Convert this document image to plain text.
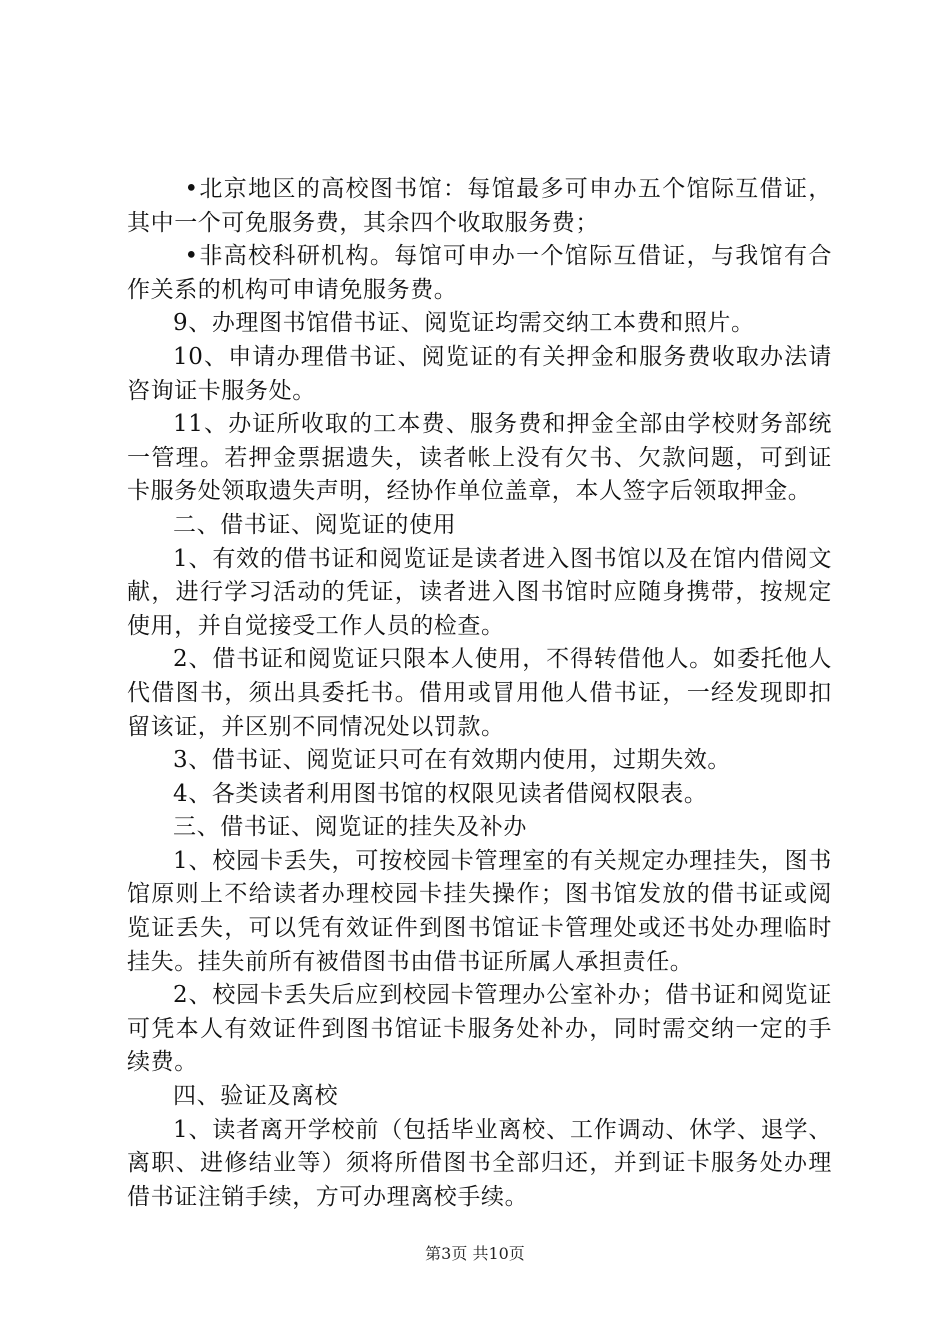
•北京地区的高校图书馆：每馆最多可申办五个馆际互借证，其中一个可免服务费，其余四个收取服务费；

•非高校科研机构。每馆可申办一个馆际互借证，与我馆有合作关系的机构可申请免服务费。

9、办理图书馆借书证、阅览证均需交纳工本费和照片。

10、申请办理借书证、阅览证的有关押金和服务费收取办法请咨询证卡服务处。

11、办证所收取的工本费、服务费和押金全部由学校财务部统一管理。若押金票据遗失，读者帐上没有欠书、欠款问题，可到证卡服务处领取遗失声明，经协作单位盖章，本人签字后领取押金。

二、借书证、阅览证的使用

1、有效的借书证和阅览证是读者进入图书馆以及在馆内借阅文献，进行学习活动的凭证，读者进入图书馆时应随身携带，按规定使用，并自觉接受工作人员的检查。

2、借书证和阅览证只限本人使用，不得转借他人。如委托他人代借图书，须出具委托书。借用或冒用他人借书证，一经发现即扣留该证，并区别不同情况处以罚款。

3、借书证、阅览证只可在有效期内使用，过期失效。

4、各类读者利用图书馆的权限见读者借阅权限表。

三、借书证、阅览证的挂失及补办

1、校园卡丢失，可按校园卡管理室的有关规定办理挂失，图书馆原则上不给读者办理校园卡挂失操作；图书馆发放的借书证或阅览证丢失，可以凭有效证件到图书馆证卡管理处或还书处办理临时挂失。挂失前所有被借图书由借书证所属人承担责任。

2、校园卡丢失后应到校园卡管理办公室补办；借书证和阅览证可凭本人有效证件到图书馆证卡服务处补办，同时需交纳一定的手续费。

四、验证及离校

1、读者离开学校前（包括毕业离校、工作调动、休学、退学、离职、进修结业等）须将所借图书全部归还，并到证卡服务处办理借书证注销手续，方可办理离校手续。

第3页 共10页
